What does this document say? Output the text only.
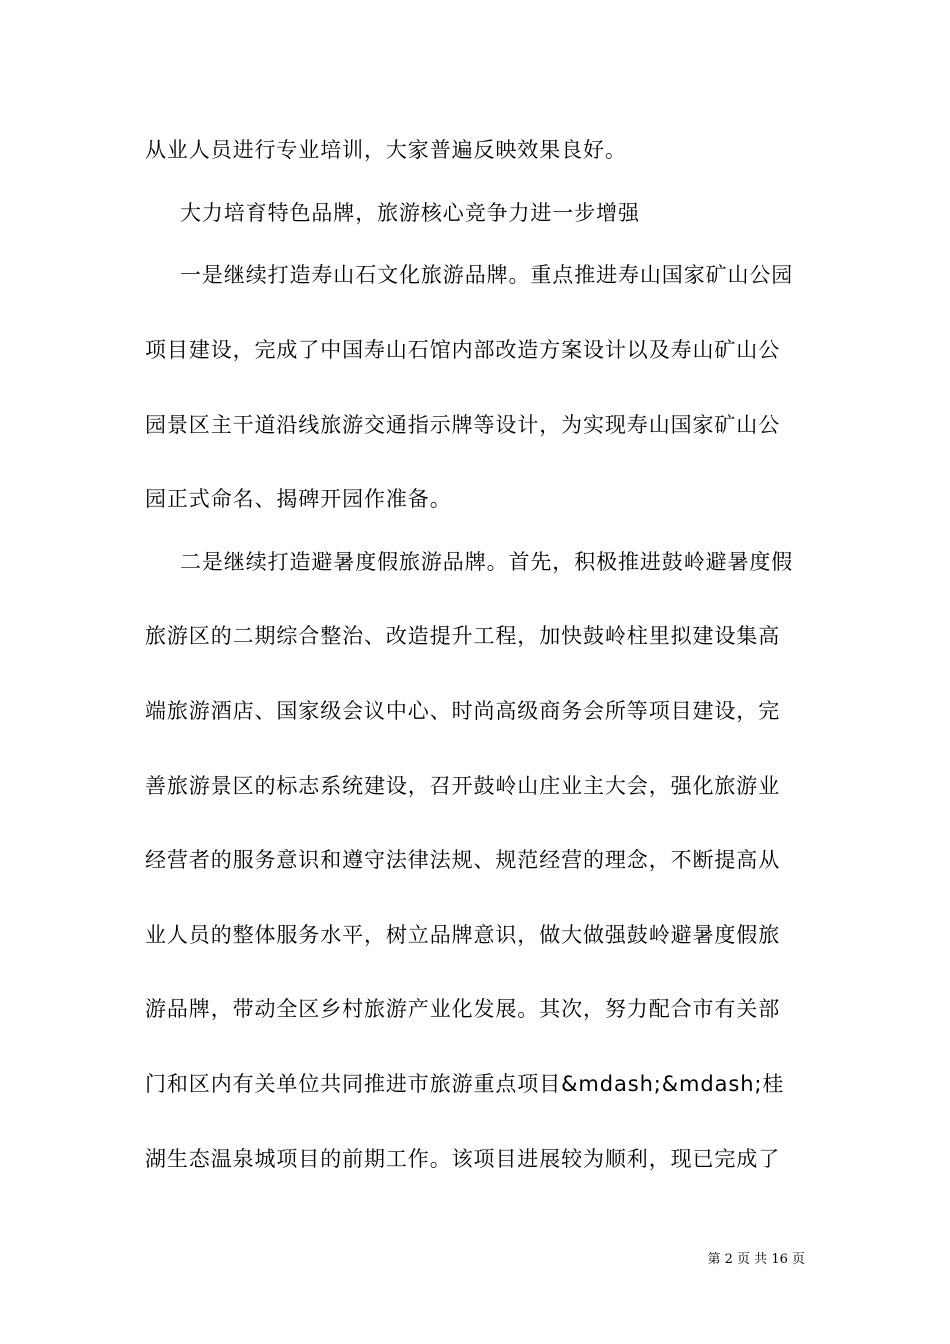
从业人员进行专业培训，大家普遍反映效果良好。
大力培育特色品牌，旅游核心竞争力进一步增强
一是继续打造寿山石文化旅游品牌。重点推进寿山国家矿山公园
项目建设，完成了中国寿山石馆内部改造方案设计以及寿山矿山公
园景区主干道沿线旅游交通指示牌等设计，为实现寿山国家矿山公
园正式命名、揭碑开园作准备。
二是继续打造避暑度假旅游品牌。首先，积极推进鼓岭避暑度假
旅游区的二期综合整治、改造提升工程，加快鼓岭柱里拟建设集高
端旅游酒店、国家级会议中心、时尚高级商务会所等项目建设，完
善旅游景区的标志系统建设，召开鼓岭山庄业主大会，强化旅游业
经营者的服务意识和遵守法律法规、规范经营的理念，不断提高从
业人员的整体服务水平，树立品牌意识，做大做强鼓岭避暑度假旅
游品牌，带动全区乡村旅游产业化发展。其次，努力配合市有关部
门和区内有关单位共同推进市旅游重点项目&mdash;&mdash;桂
湖生态温泉城项目的前期工作。该项目进展较为顺利，现已完成了
第 2 页 共 16 页
